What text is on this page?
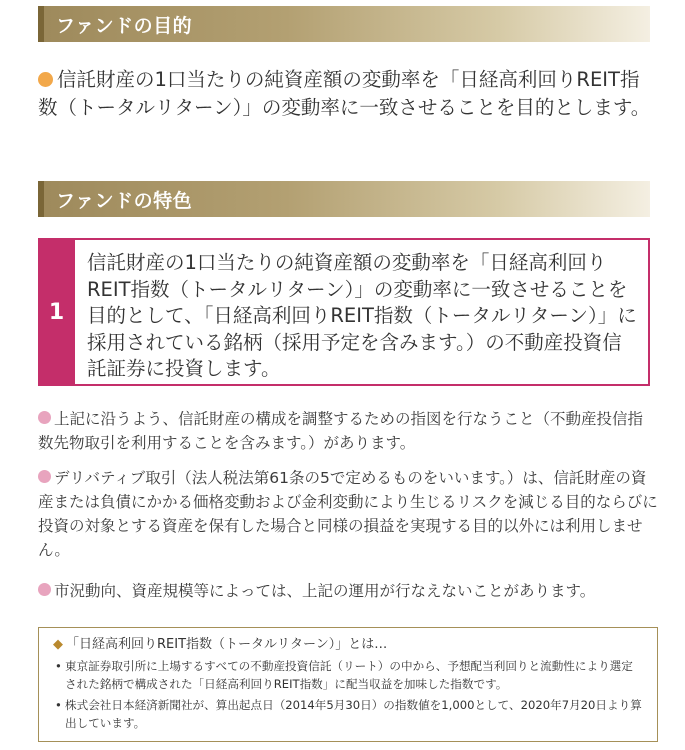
ファンドの目的
信託財産の1口当たりの純資産額の変動率を「日経高利回りREIT指数（トータルリターン）」の変動率に一致させることを目的とします。
ファンドの特色
1
信託財産の1口当たりの純資産額の変動率を「日経高利回りREIT指数（トータルリターン）」の変動率に一致させることを目的として、「日経高利回りREIT指数（トータルリターン）」に採用されている銘柄（採用予定を含みます。）の不動産投資信託証券に投資します。
上記に沿うよう、信託財産の構成を調整するための指図を行なうこと（不動産投信指数先物取引を利用することを含みます。）があります。
デリバティブ取引（法人税法第61条の5で定めるものをいいます。）は、信託財産の資産または負債にかかる価格変動および金利変動により生じるリスクを減じる目的ならびに投資の対象とする資産を保有した場合と同様の損益を実現する目的以外には利用しません。
市況動向、資産規模等によっては、上記の運用が行なえないことがあります。
◆ 「日経高利回りREIT指数（トータルリターン）」とは…
• 東京証券取引所に上場するすべての不動産投資信託（リート）の中から、予想配当利回りと流動性により選定された銘柄で構成された「日経高利回りREIT指数」に配当収益を加味した指数です。
• 株式会社日本経済新聞社が、算出起点日（2014年5月30日）の指数値を1,000として、2020年7月20日より算出しています。
